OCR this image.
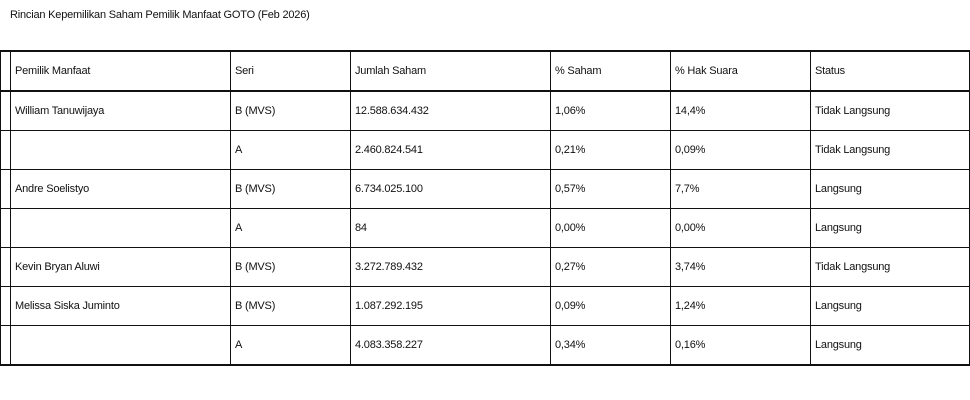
Rincian Kepemilikan Saham Pemilik Manfaat GOTO (Feb 2026)
	Pemilik Manfaat	Seri	Jumlah Saham	% Saham	% Hak Suara	Status
	William Tanuwijaya	B (MVS)	12.588.634.432	1,06%	14,4%	Tidak Langsung
		A	2.460.824.541	0,21%	0,09%	Tidak Langsung
	Andre Soelistyo	B (MVS)	6.734.025.100	0,57%	7,7%	Langsung
		A	84	0,00%	0,00%	Langsung
	Kevin Bryan Aluwi	B (MVS)	3.272.789.432	0,27%	3,74%	Tidak Langsung
	Melissa Siska Juminto	B (MVS)	1.087.292.195	0,09%	1,24%	Langsung
		A	4.083.358.227	0,34%	0,16%	Langsung
